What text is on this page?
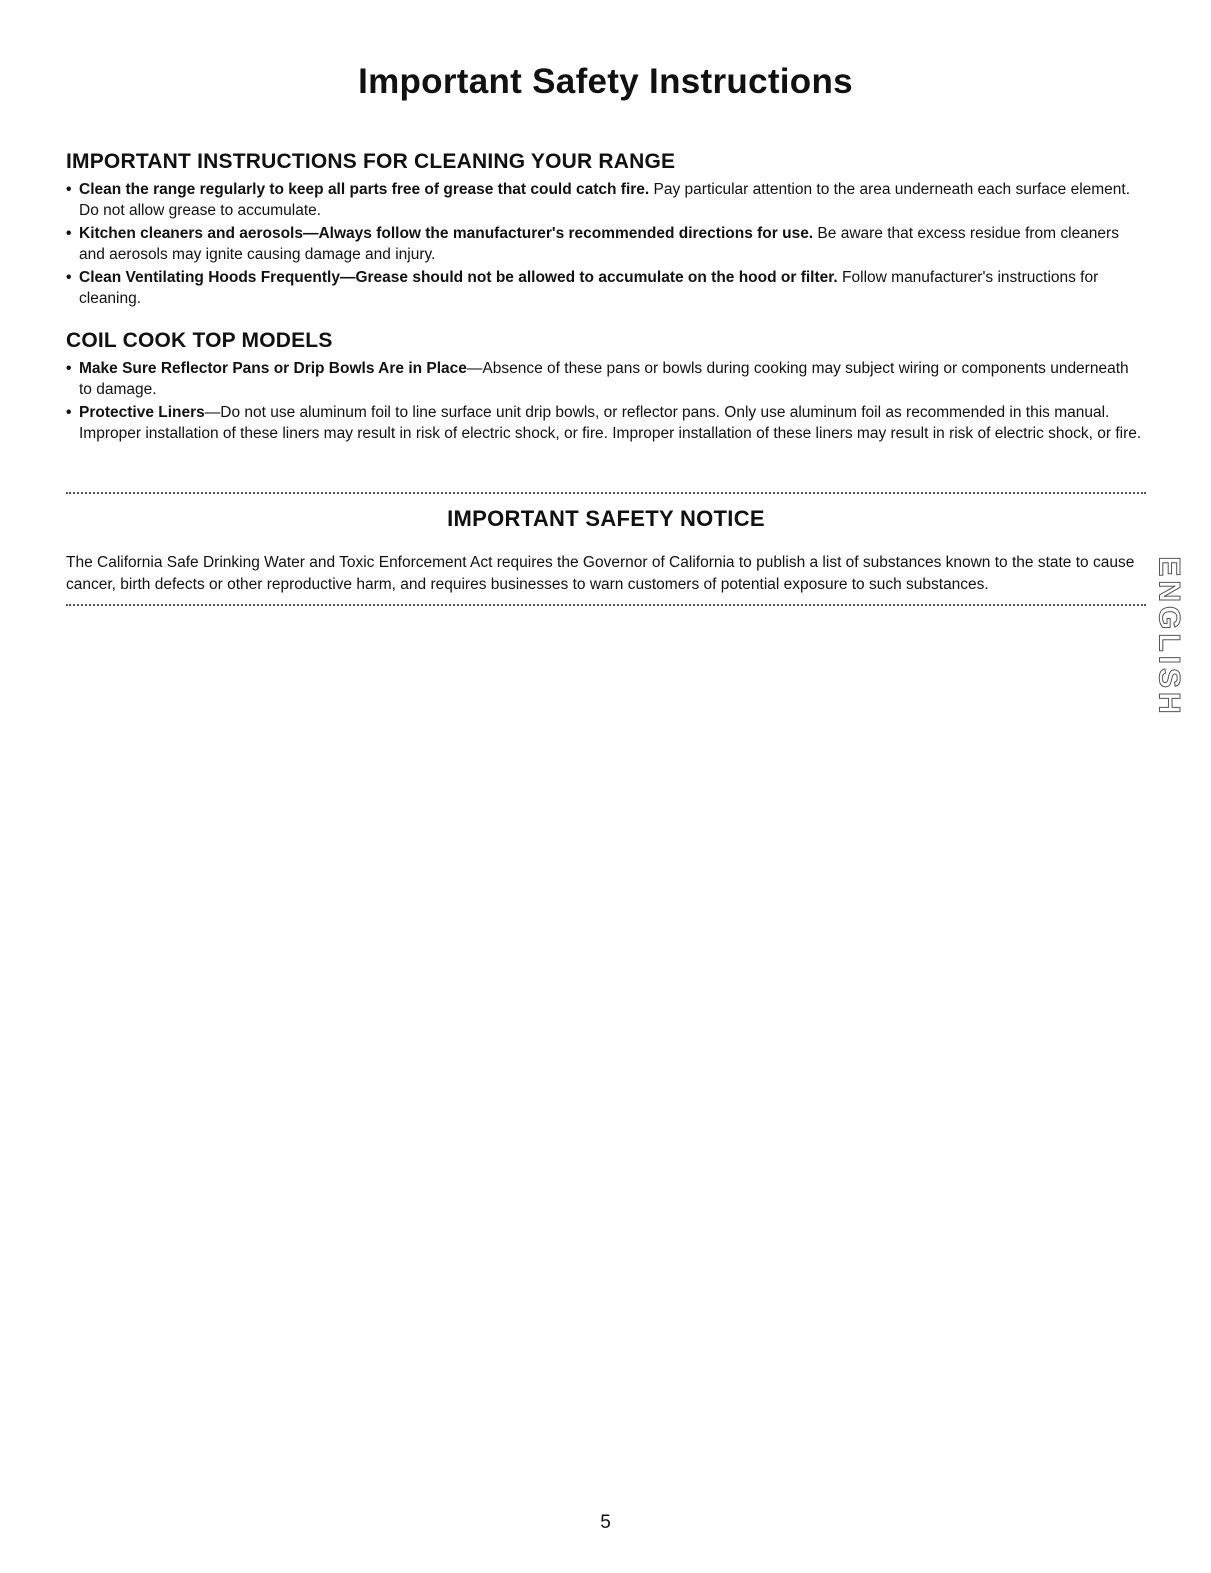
Important Safety Instructions
IMPORTANT INSTRUCTIONS FOR CLEANING YOUR RANGE
• Clean the range regularly to keep all parts free of grease that could catch fire. Pay particular attention to the area underneath each surface element. Do not allow grease to accumulate.
• Kitchen cleaners and aerosols—Always follow the manufacturer's recommended directions for use. Be aware that excess residue from cleaners and aerosols may ignite causing damage and injury.
• Clean Ventilating Hoods Frequently—Grease should not be allowed to accumulate on the hood or filter. Follow manufacturer's instructions for cleaning.
COIL COOK TOP MODELS
• Make Sure Reflector Pans or Drip Bowls Are in Place—Absence of these pans or bowls during cooking may subject wiring or components underneath to damage.
• Protective Liners—Do not use aluminum foil to line surface unit drip bowls, or reflector pans. Only use aluminum foil as recommended in this manual. Improper installation of these liners may result in risk of electric shock, or fire. Improper installation of these liners may result in risk of electric shock, or fire.
IMPORTANT SAFETY NOTICE

The California Safe Drinking Water and Toxic Enforcement Act requires the Governor of California to publish a list of substances known to the state to cause cancer, birth defects or other reproductive harm, and requires businesses to warn customers of potential exposure to such substances.	ENGLISH
5
